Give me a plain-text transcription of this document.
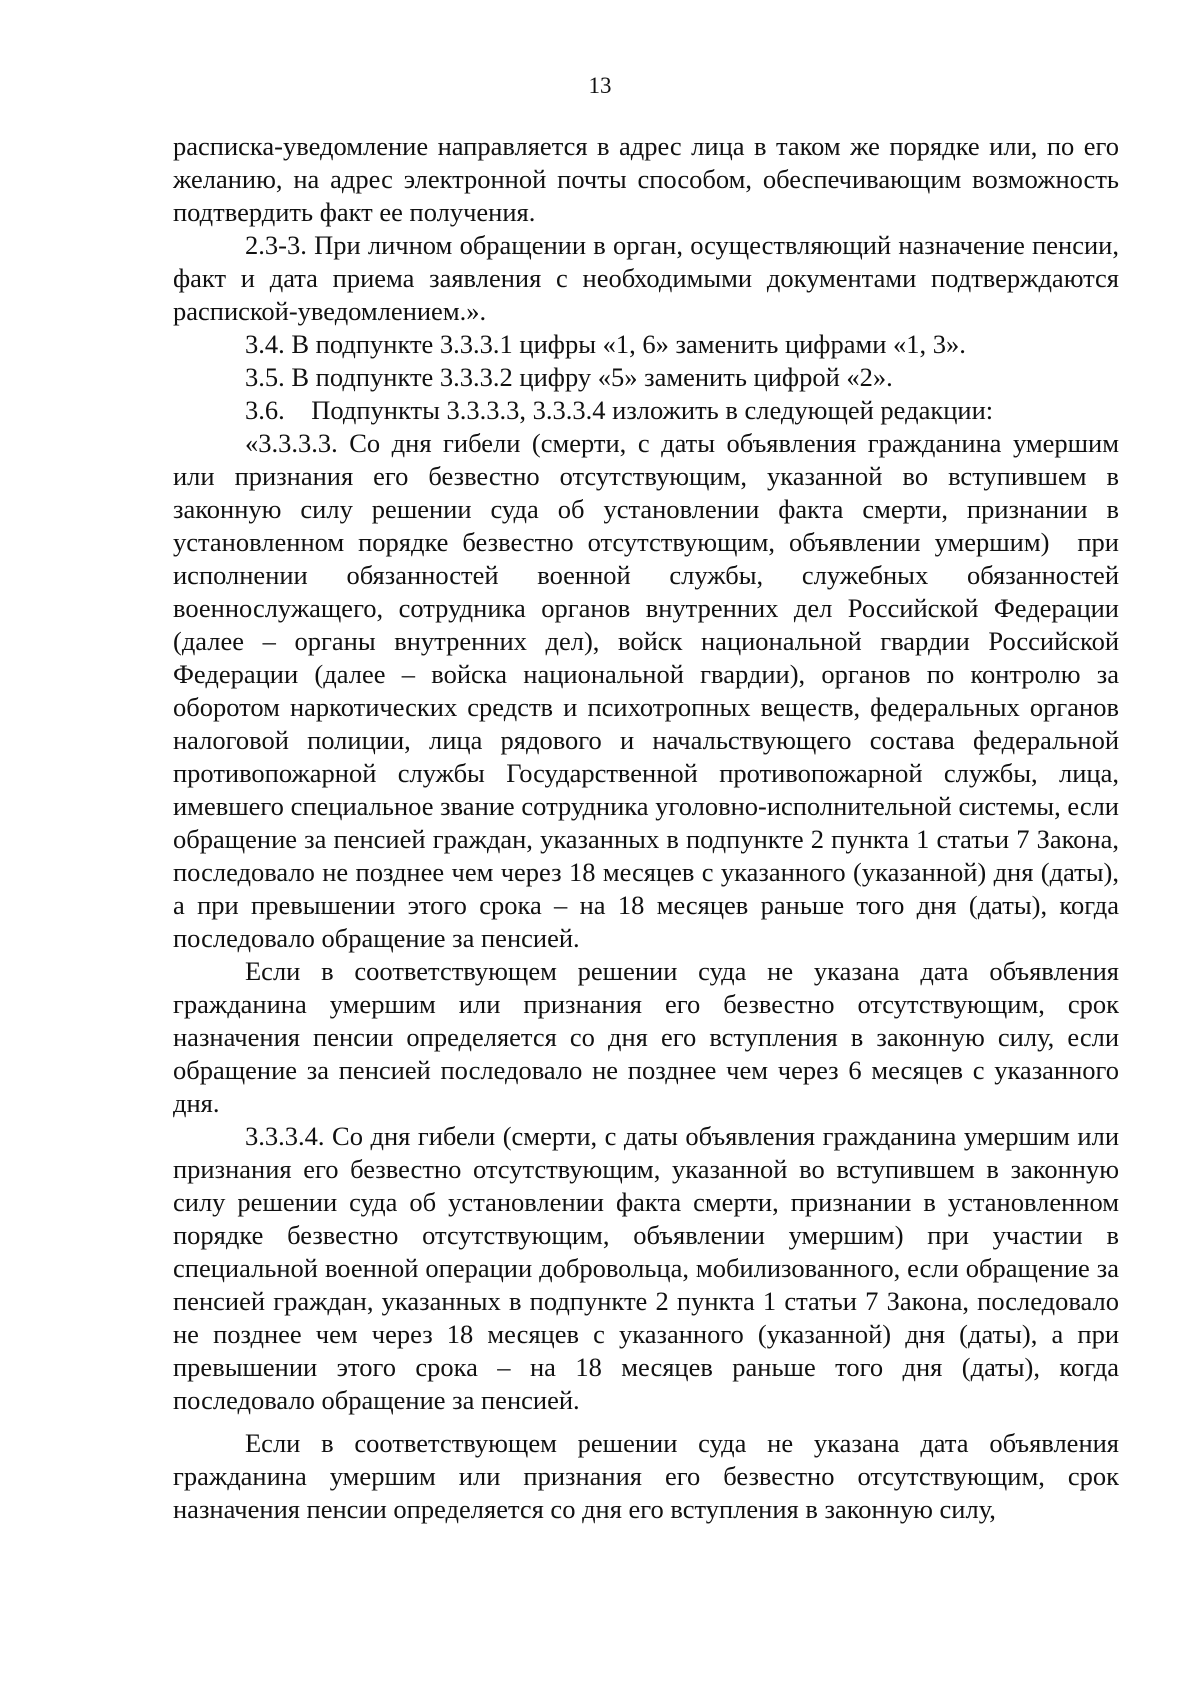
13

расписка-уведомление направляется в адрес лица в таком же порядке или, по его желанию, на адрес электронной почты способом, обеспечивающим возможность подтвердить факт ее получения.

2.3-3. При личном обращении в орган, осуществляющий назначение пенсии, факт и дата приема заявления с необходимыми документами подтверждаются распиской-уведомлением.».

3.4. В подпункте 3.3.3.1 цифры «1, 6» заменить цифрами «1, 3».

3.5. В подпункте 3.3.3.2 цифру «5» заменить цифрой «2».

3.6.    Подпункты 3.3.3.3, 3.3.3.4 изложить в следующей редакции:

«3.3.3.3. Со дня гибели (смерти, с даты объявления гражданина умершим или признания его безвестно отсутствующим, указанной во вступившем в законную силу решении суда об установлении факта смерти, признании в установленном порядке безвестно отсутствующим, объявлении умершим)  при исполнении обязанностей военной службы, служебных обязанностей военнослужащего, сотрудника органов внутренних дел Российской Федерации (далее – органы внутренних дел), войск национальной гвардии Российской Федерации (далее – войска национальной гвардии), органов по контролю за оборотом наркотических средств и психотропных веществ, федеральных органов налоговой полиции, лица рядового и начальствующего состава федеральной противопожарной службы Государственной противопожарной службы, лица, имевшего специальное звание сотрудника уголовно-исполнительной системы, если обращение за пенсией граждан, указанных в подпункте 2 пункта 1 статьи 7 Закона, последовало не позднее чем через 18 месяцев с указанного (указанной) дня (даты), а при превышении этого срока – на 18 месяцев раньше того дня (даты), когда последовало обращение за пенсией.

Если в соответствующем решении суда не указана дата объявления гражданина умершим или признания его безвестно отсутствующим, срок назначения пенсии определяется со дня его вступления в законную силу, если обращение за пенсией последовало не позднее чем через 6 месяцев с указанного дня.

3.3.3.4. Со дня гибели (смерти, с даты объявления гражданина умершим или признания его безвестно отсутствующим, указанной во вступившем в законную силу решении суда об установлении факта смерти, признании в установленном порядке безвестно отсутствующим, объявлении умершим) при участии в специальной военной операции добровольца, мобилизованного, если обращение за пенсией граждан, указанных в подпункте 2 пункта 1 статьи 7 Закона, последовало не позднее чем через 18 месяцев с указанного (указанной) дня (даты), а при превышении этого срока – на 18 месяцев раньше того дня (даты), когда последовало обращение за пенсией.

Если в соответствующем решении суда не указана дата объявления гражданина умершим или признания его безвестно отсутствующим, срок назначения пенсии определяется со дня его вступления в законную силу,
